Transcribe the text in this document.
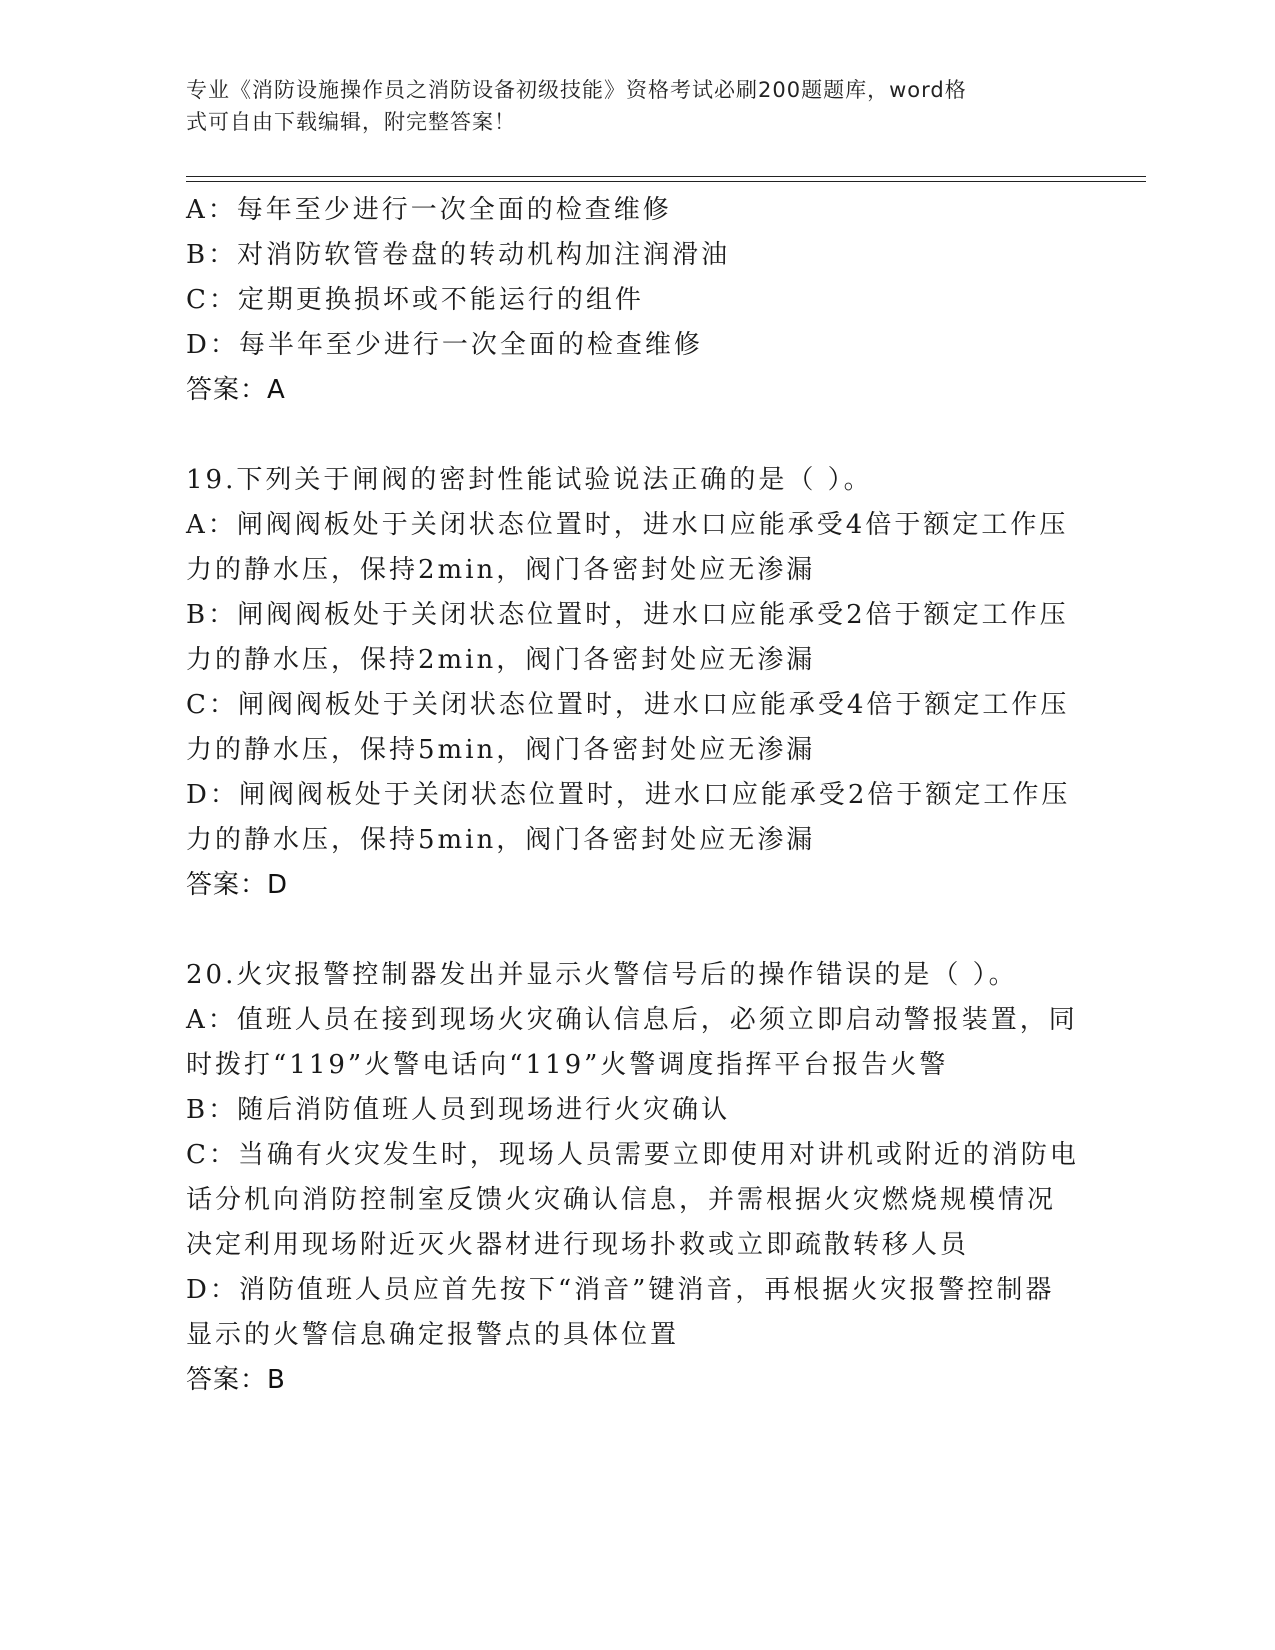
专业《消防设施操作员之消防设备初级技能》资格考试必刷200题题库，word格
式可自由下载编辑，附完整答案！
A：每年至少进行一次全面的检查维修
B：对消防软管卷盘的转动机构加注润滑油
C：定期更换损坏或不能运行的组件
D：每半年至少进行一次全面的检查维修
答案：A
19.下列关于闸阀的密封性能试验说法正确的是（ ）。
A：闸阀阀板处于关闭状态位置时，进水口应能承受4倍于额定工作压
力的静水压，保持2min，阀门各密封处应无渗漏
B：闸阀阀板处于关闭状态位置时，进水口应能承受2倍于额定工作压
力的静水压，保持2min，阀门各密封处应无渗漏
C：闸阀阀板处于关闭状态位置时，进水口应能承受4倍于额定工作压
力的静水压，保持5min，阀门各密封处应无渗漏
D：闸阀阀板处于关闭状态位置时，进水口应能承受2倍于额定工作压
力的静水压，保持5min，阀门各密封处应无渗漏
答案：D
20.火灾报警控制器发出并显示火警信号后的操作错误的是（ ）。
A：值班人员在接到现场火灾确认信息后，必须立即启动警报装置，同
时拨打“119”火警电话向“119”火警调度指挥平台报告火警
B：随后消防值班人员到现场进行火灾确认
C：当确有火灾发生时，现场人员需要立即使用对讲机或附近的消防电
话分机向消防控制室反馈火灾确认信息，并需根据火灾燃烧规模情况
决定利用现场附近灭火器材进行现场扑救或立即疏散转移人员
D：消防值班人员应首先按下“消音”键消音，再根据火灾报警控制器
显示的火警信息确定报警点的具体位置
答案：B
